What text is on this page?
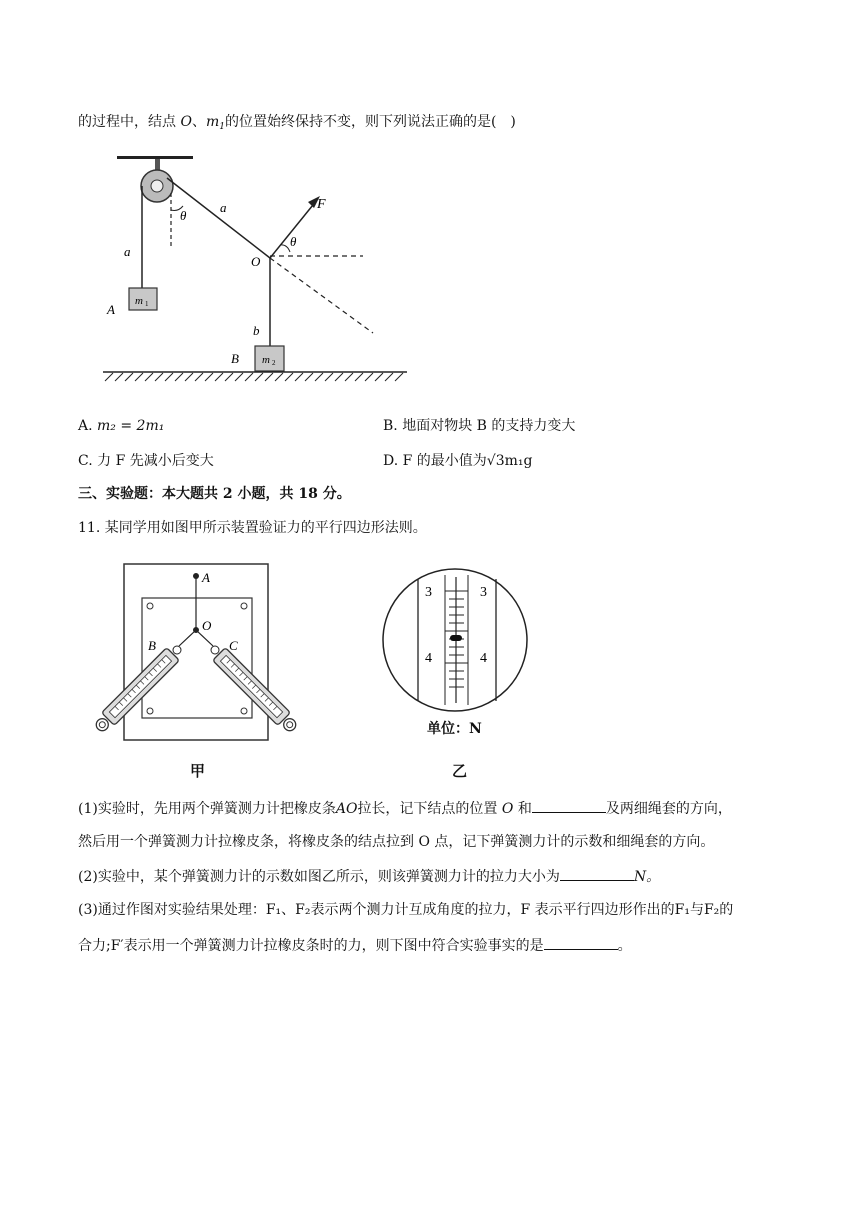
的过程中，结点 O、$m_1$的位置始终保持不变，则下列说法正确的是(　)
a
a
b
θ
θ
F
O
A
B
m 1
m 2
A. m₂ = 2m₁	B. 地面对物块 B 的支持力变大
C. 力 F 先减小后变大	D. F 的最小值为√3m₁g
三、实验题：本大题共 2 小题，共 18 分。
11. 某同学用如图甲所示装置验证力的平行四边形法则。
A
O
B	C
甲
3	3
4	4
单位：N
乙
(1)实验时，先用两个弹簧测力计把橡皮条AO拉长，记下结点的位置 O 和	及两细绳套的方向，
然后用一个弹簧测力计拉橡皮条，将橡皮条的结点拉到 O 点，记下弹簧测力计的示数和细绳套的方向。
(2)实验中，某个弹簧测力计的示数如图乙所示，则该弹簧测力计的拉力大小为	N。
(3)通过作图对实验结果处理：F₁、F₂表示两个测力计互成角度的拉力，F 表示平行四边形作出的F₁与F₂的
合力;F′表示用一个弹簧测力计拉橡皮条时的力，则下图中符合实验事实的是	。
